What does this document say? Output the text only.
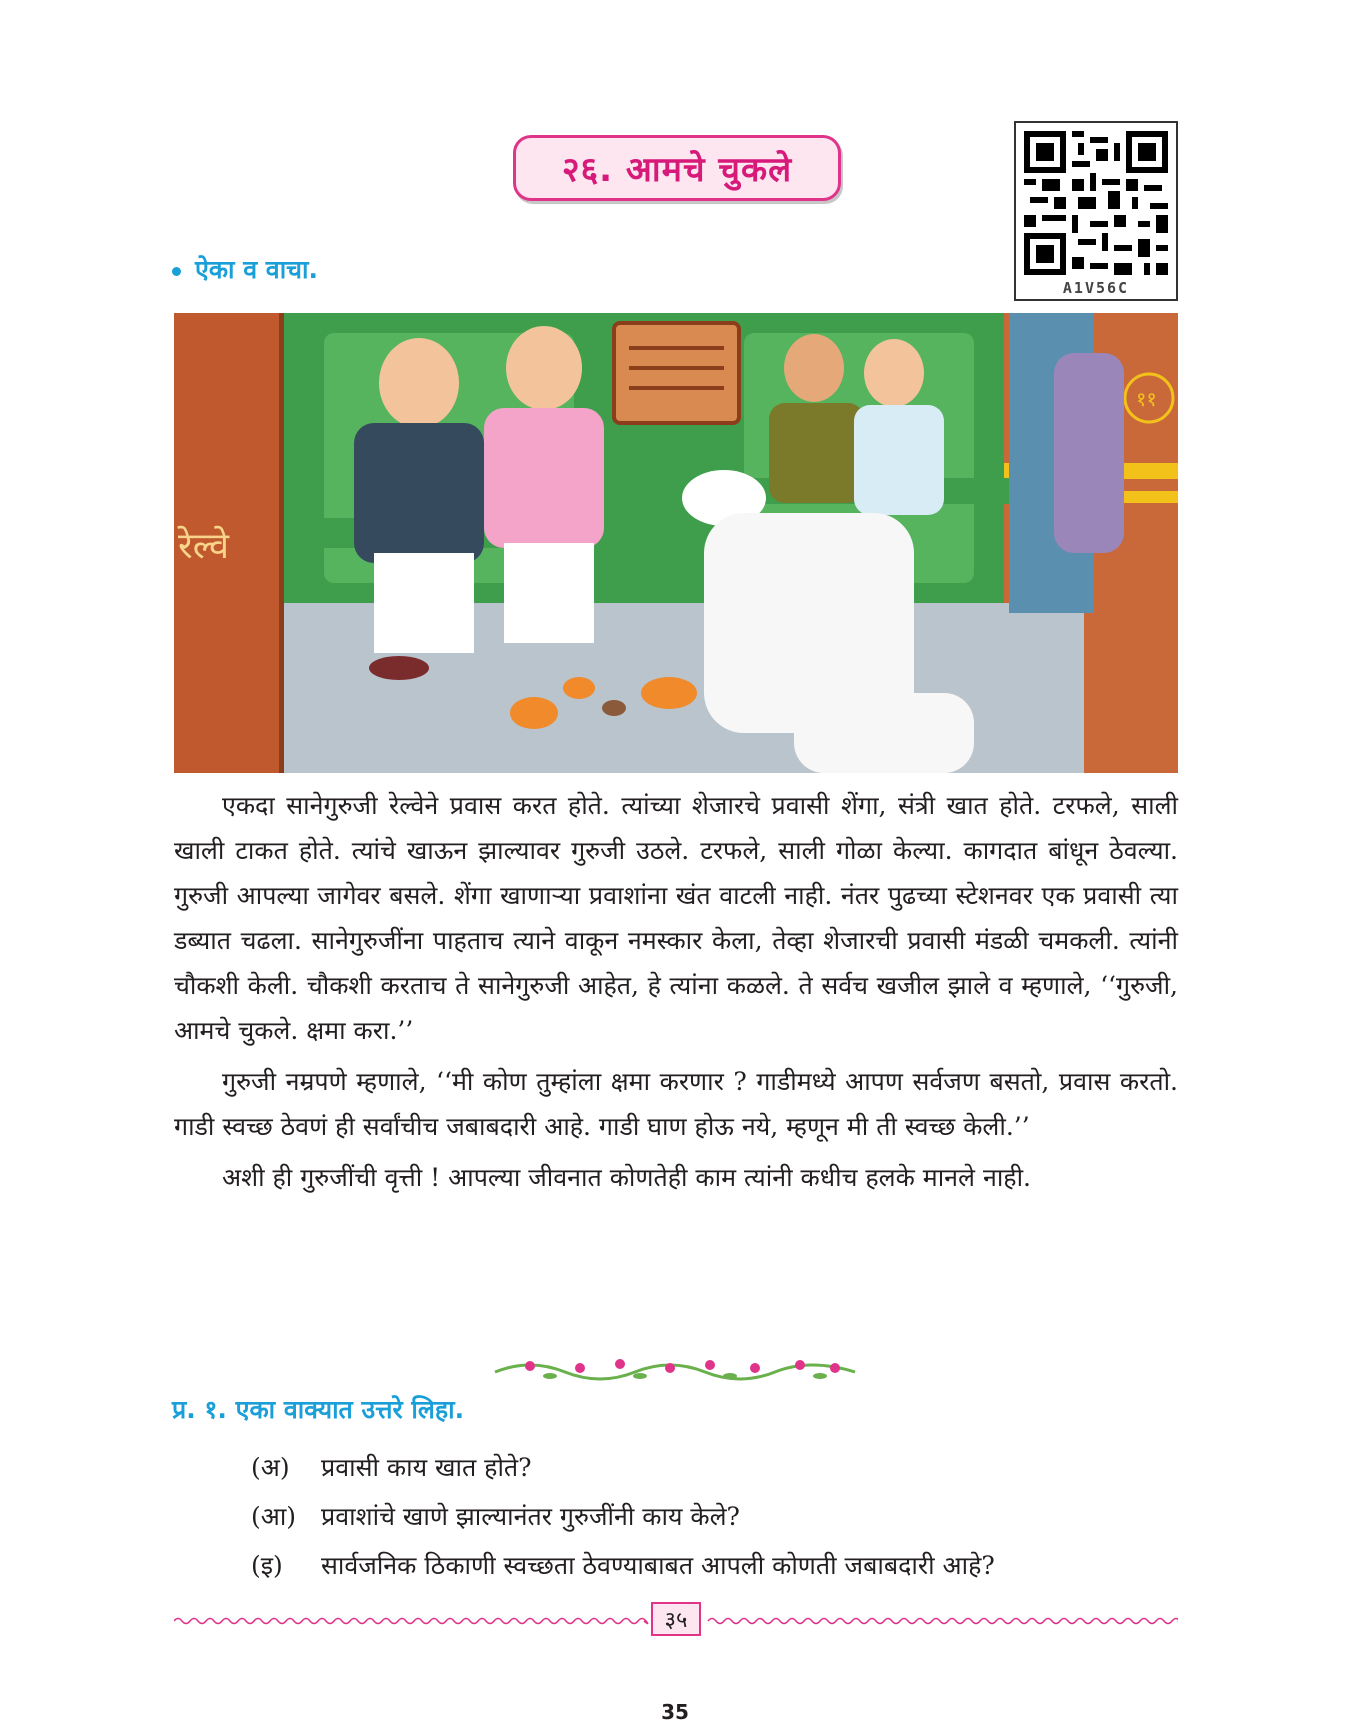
२६. आमचे चुकले
A1V56C
ऐका व वाचा.
रेल्वे
११

एकदा सानेगुरुजी रेल्वेने प्रवास करत होते. त्यांच्या शेजारचे प्रवासी शेंगा, संत्री खात होते. टरफले, साली खाली टाकत होते. त्यांचे खाऊन झाल्यावर गुरुजी उठले. टरफले, साली गोळा केल्या. कागदात बांधून ठेवल्या. गुरुजी आपल्या जागेवर बसले. शेंगा खाणाऱ्या प्रवाशांना खंत वाटली नाही. नंतर पुढच्या स्टेशनवर एक प्रवासी त्या डब्यात चढला. सानेगुरुजींना पाहताच त्याने वाकून नमस्कार केला, तेव्हा शेजारची प्रवासी मंडळी चमकली. त्यांनी चौकशी केली. चौकशी करताच ते सानेगुरुजी आहेत, हे त्यांना कळले. ते सर्वच खजील झाले व म्हणाले, ‘‘गुरुजी, आमचे चुकले. क्षमा करा.’’

गुरुजी नम्रपणे म्हणाले, ‘‘मी कोण तुम्हांला क्षमा करणार ? गाडीमध्ये आपण सर्वजण बसतो, प्रवास करतो. गाडी स्वच्छ ठेवणं ही सर्वांचीच जबाबदारी आहे. गाडी घाण होऊ नये, म्हणून मी ती स्वच्छ केली.’’

अशी ही गुरुजींची वृत्ती ! आपल्या जीवनात कोणतेही काम त्यांनी कधीच हलके मानले नाही.

प्र. १. एका वाक्यात उत्तरे लिहा.
(अ) प्रवासी काय खात होते?
(आ) प्रवाशांचे खाणे झाल्यानंतर गुरुजींनी काय केले?
(इ) सार्वजनिक ठिकाणी स्वच्छता ठेवण्याबाबत आपली कोणती जबाबदारी आहे?
३५
35
